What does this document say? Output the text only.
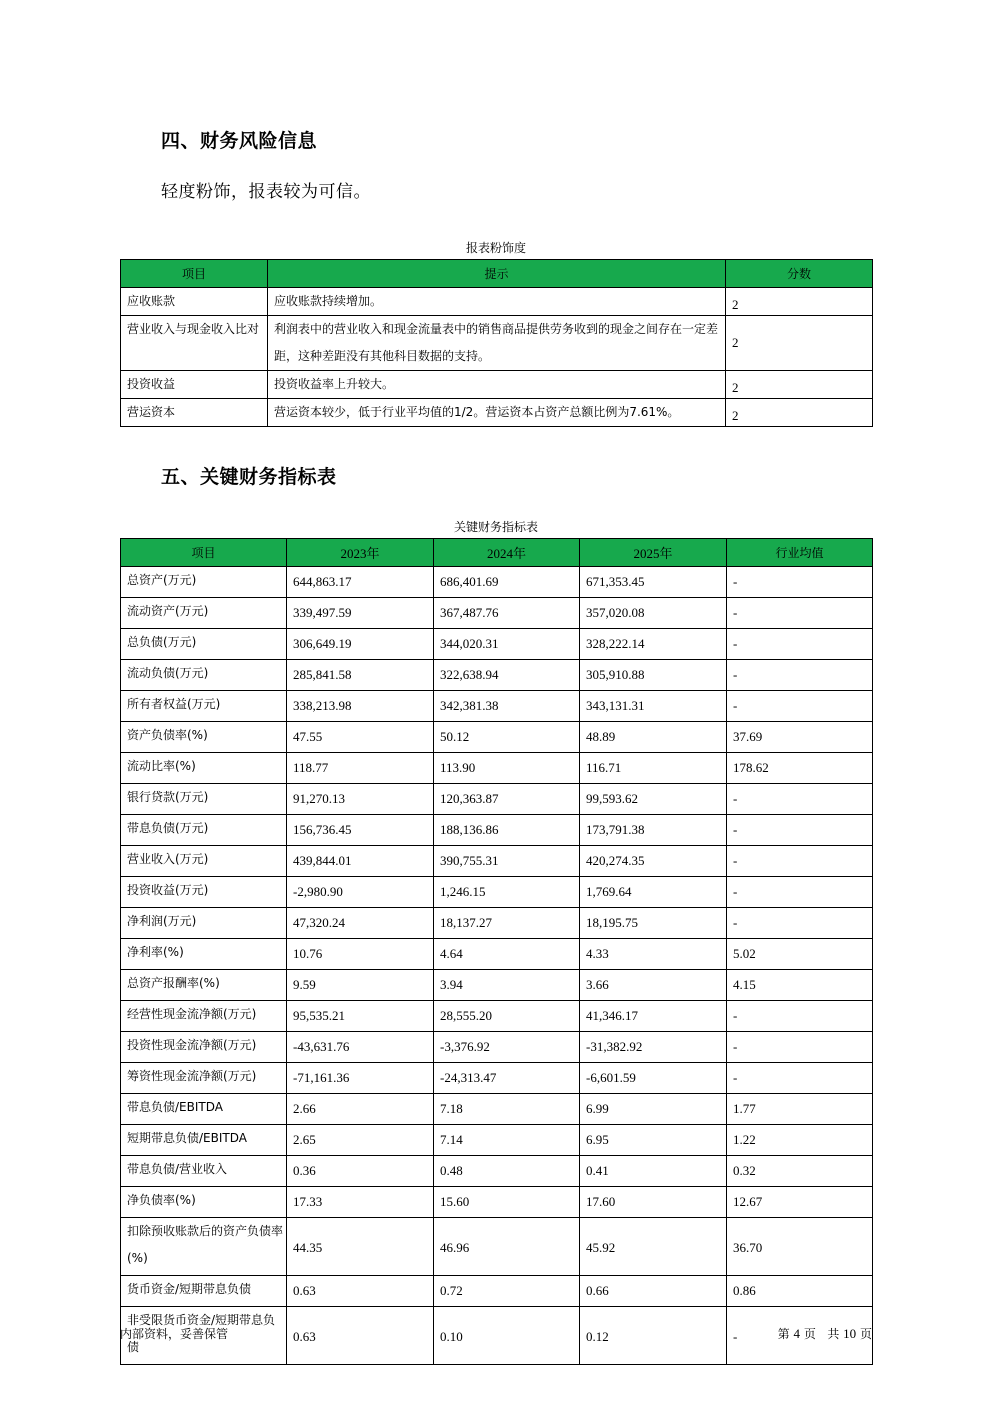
四、财务风险信息

轻度粉饰，报表较为可信。

报表粉饰度

项目	提示	分数
应收账款	应收账款持续增加。	2

营业收入与现金收入比对	利润表中的营业收入和现金流量表中的销售商品提供劳务收到的现金之间存在一定差距，这种差距没有其他科目数据的支持。	2
投资收益	投资收益率上升较大。	2
营运资本	营运资本较少，低于行业平均值的1/2。营运资本占资产总额比例为7.61%。	2
五、关键财务指标表

关键财务指标表

项目	2023年	2024年	2025年	行业均值
总资产(万元)	644,863.17	686,401.69	671,353.45	-
流动资产(万元)	339,497.59	367,487.76	357,020.08	-
总负债(万元)	306,649.19	344,020.31	328,222.14	-
流动负债(万元)	285,841.58	322,638.94	305,910.88	-
所有者权益(万元)	338,213.98	342,381.38	343,131.31	-
资产负债率(%)	47.55	50.12	48.89	37.69
流动比率(%)	118.77	113.90	116.71	178.62
银行贷款(万元)	91,270.13	120,363.87	99,593.62	-
带息负债(万元)	156,736.45	188,136.86	173,791.38	-
营业收入(万元)	439,844.01	390,755.31	420,274.35	-
投资收益(万元)	-2,980.90	1,246.15	1,769.64	-
净利润(万元)	47,320.24	18,137.27	18,195.75	-
净利率(%)	10.76	4.64	4.33	5.02
总资产报酬率(%)	9.59	3.94	3.66	4.15
经营性现金流净额(万元)	95,535.21	28,555.20	41,346.17	-
投资性现金流净额(万元)	-43,631.76	-3,376.92	-31,382.92	-
筹资性现金流净额(万元)	-71,161.36	-24,313.47	-6,601.59	-
带息负债/EBITDA	2.66	7.18	6.99	1.77
短期带息负债/EBITDA	2.65	7.14	6.95	1.22
带息负债/营业收入	0.36	0.48	0.41	0.32
净负债率(%)	17.33	15.60	17.60	12.67
扣除预收账款后的资产负债率(%)	44.35	46.96	45.92	36.70
货币资金/短期带息负债	0.63	0.72	0.66	0.86
非受限货币资金/短期带息负债	0.63	0.10	0.12	-
内部资料，妥善保管	第 4 页 共 10 页
